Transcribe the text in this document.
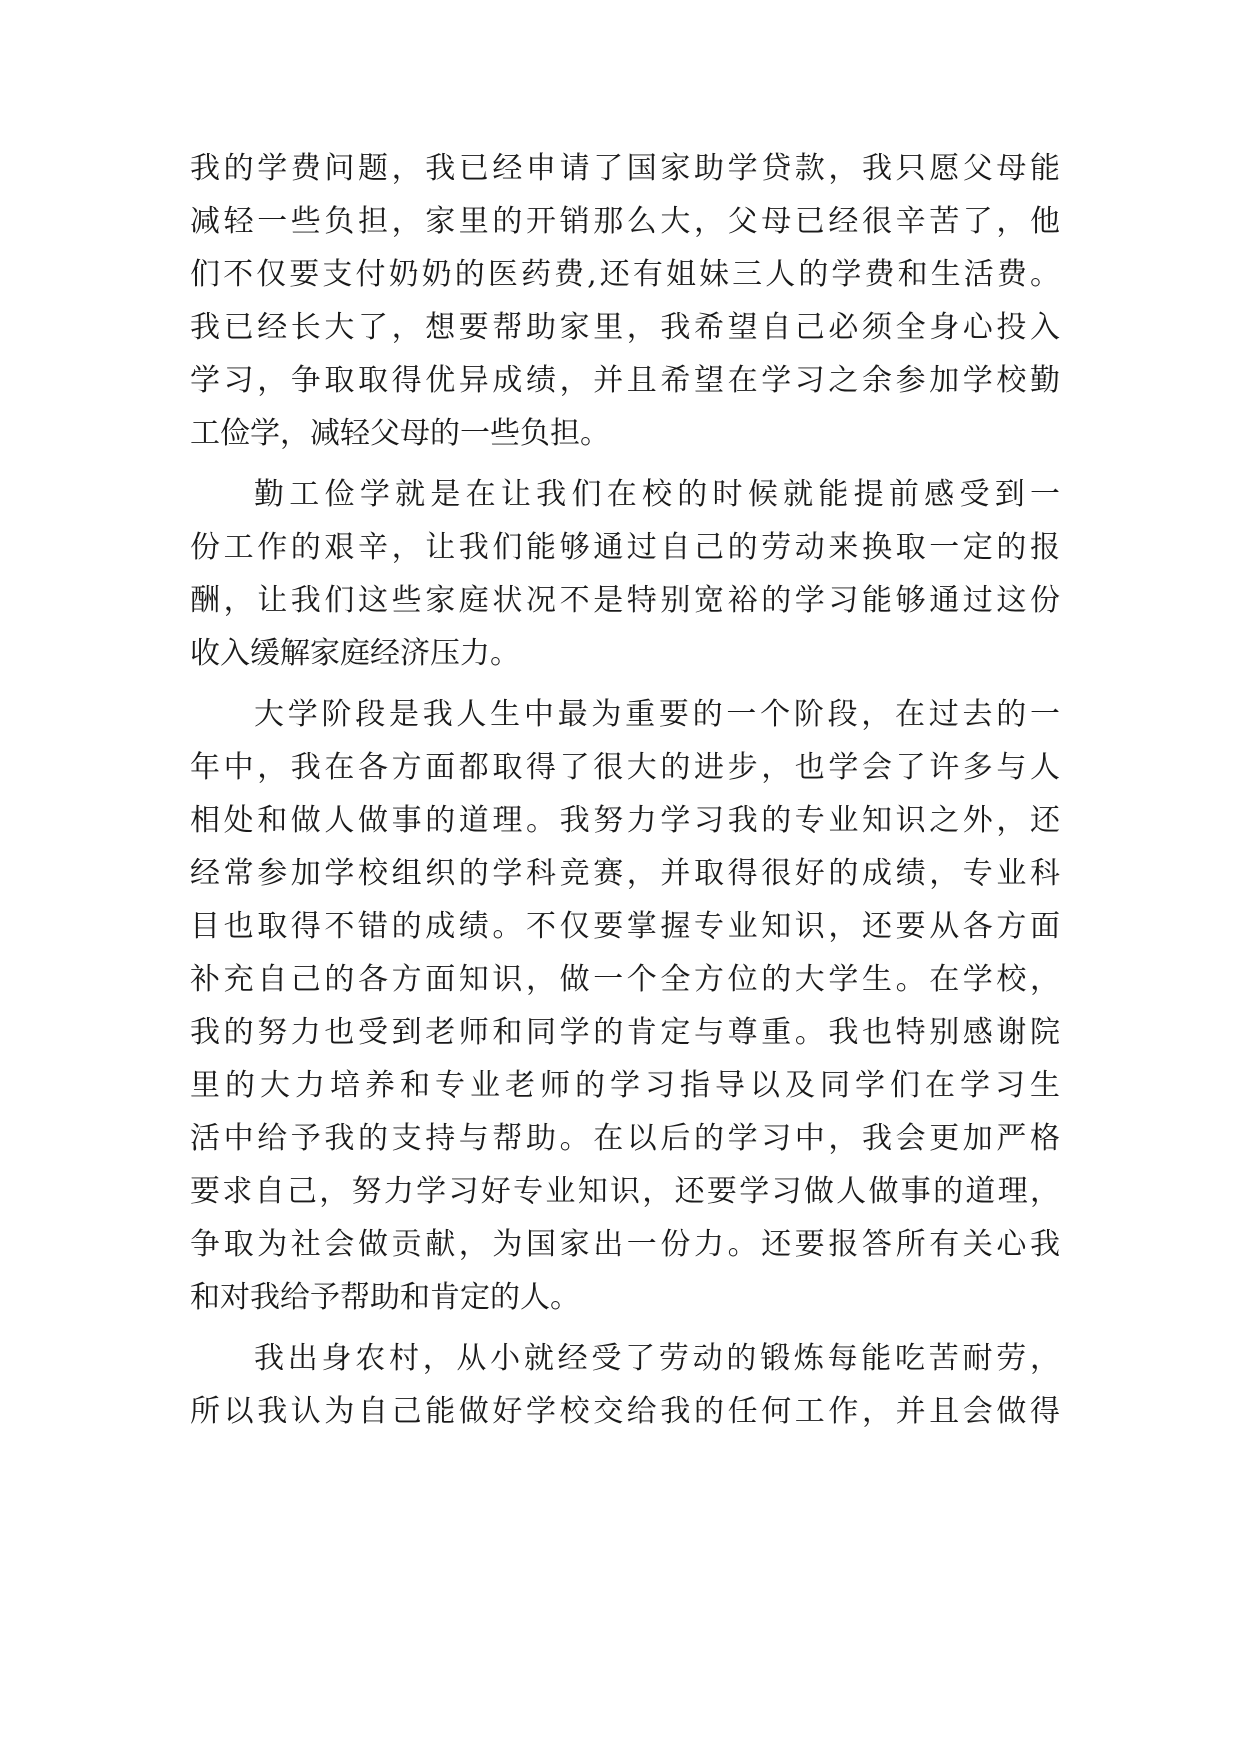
我的学费问题，我已经申请了国家助学贷款，我只愿父母能
减轻一些负担，家里的开销那么大，父母已经很辛苦了，他
们不仅要支付奶奶的医药费,还有姐妹三人的学费和生活费。
我已经长大了，想要帮助家里，我希望自己必须全身心投入
学习，争取取得优异成绩，并且希望在学习之余参加学校勤
工俭学，减轻父母的一些负担。
勤工俭学就是在让我们在校的时候就能提前感受到一
份工作的艰辛，让我们能够通过自己的劳动来换取一定的报
酬，让我们这些家庭状况不是特别宽裕的学习能够通过这份
收入缓解家庭经济压力。
大学阶段是我人生中最为重要的一个阶段，在过去的一
年中，我在各方面都取得了很大的进步，也学会了许多与人
相处和做人做事的道理。我努力学习我的专业知识之外，还
经常参加学校组织的学科竞赛，并取得很好的成绩，专业科
目也取得不错的成绩。不仅要掌握专业知识，还要从各方面
补充自己的各方面知识，做一个全方位的大学生。在学校，
我的努力也受到老师和同学的肯定与尊重。我也特别感谢院
里的大力培养和专业老师的学习指导以及同学们在学习生
活中给予我的支持与帮助。在以后的学习中，我会更加严格
要求自己，努力学习好专业知识，还要学习做人做事的道理，
争取为社会做贡献，为国家出一份力。还要报答所有关心我
和对我给予帮助和肯定的人。
我出身农村，从小就经受了劳动的锻炼每能吃苦耐劳，
所以我认为自己能做好学校交给我的任何工作，并且会做得
